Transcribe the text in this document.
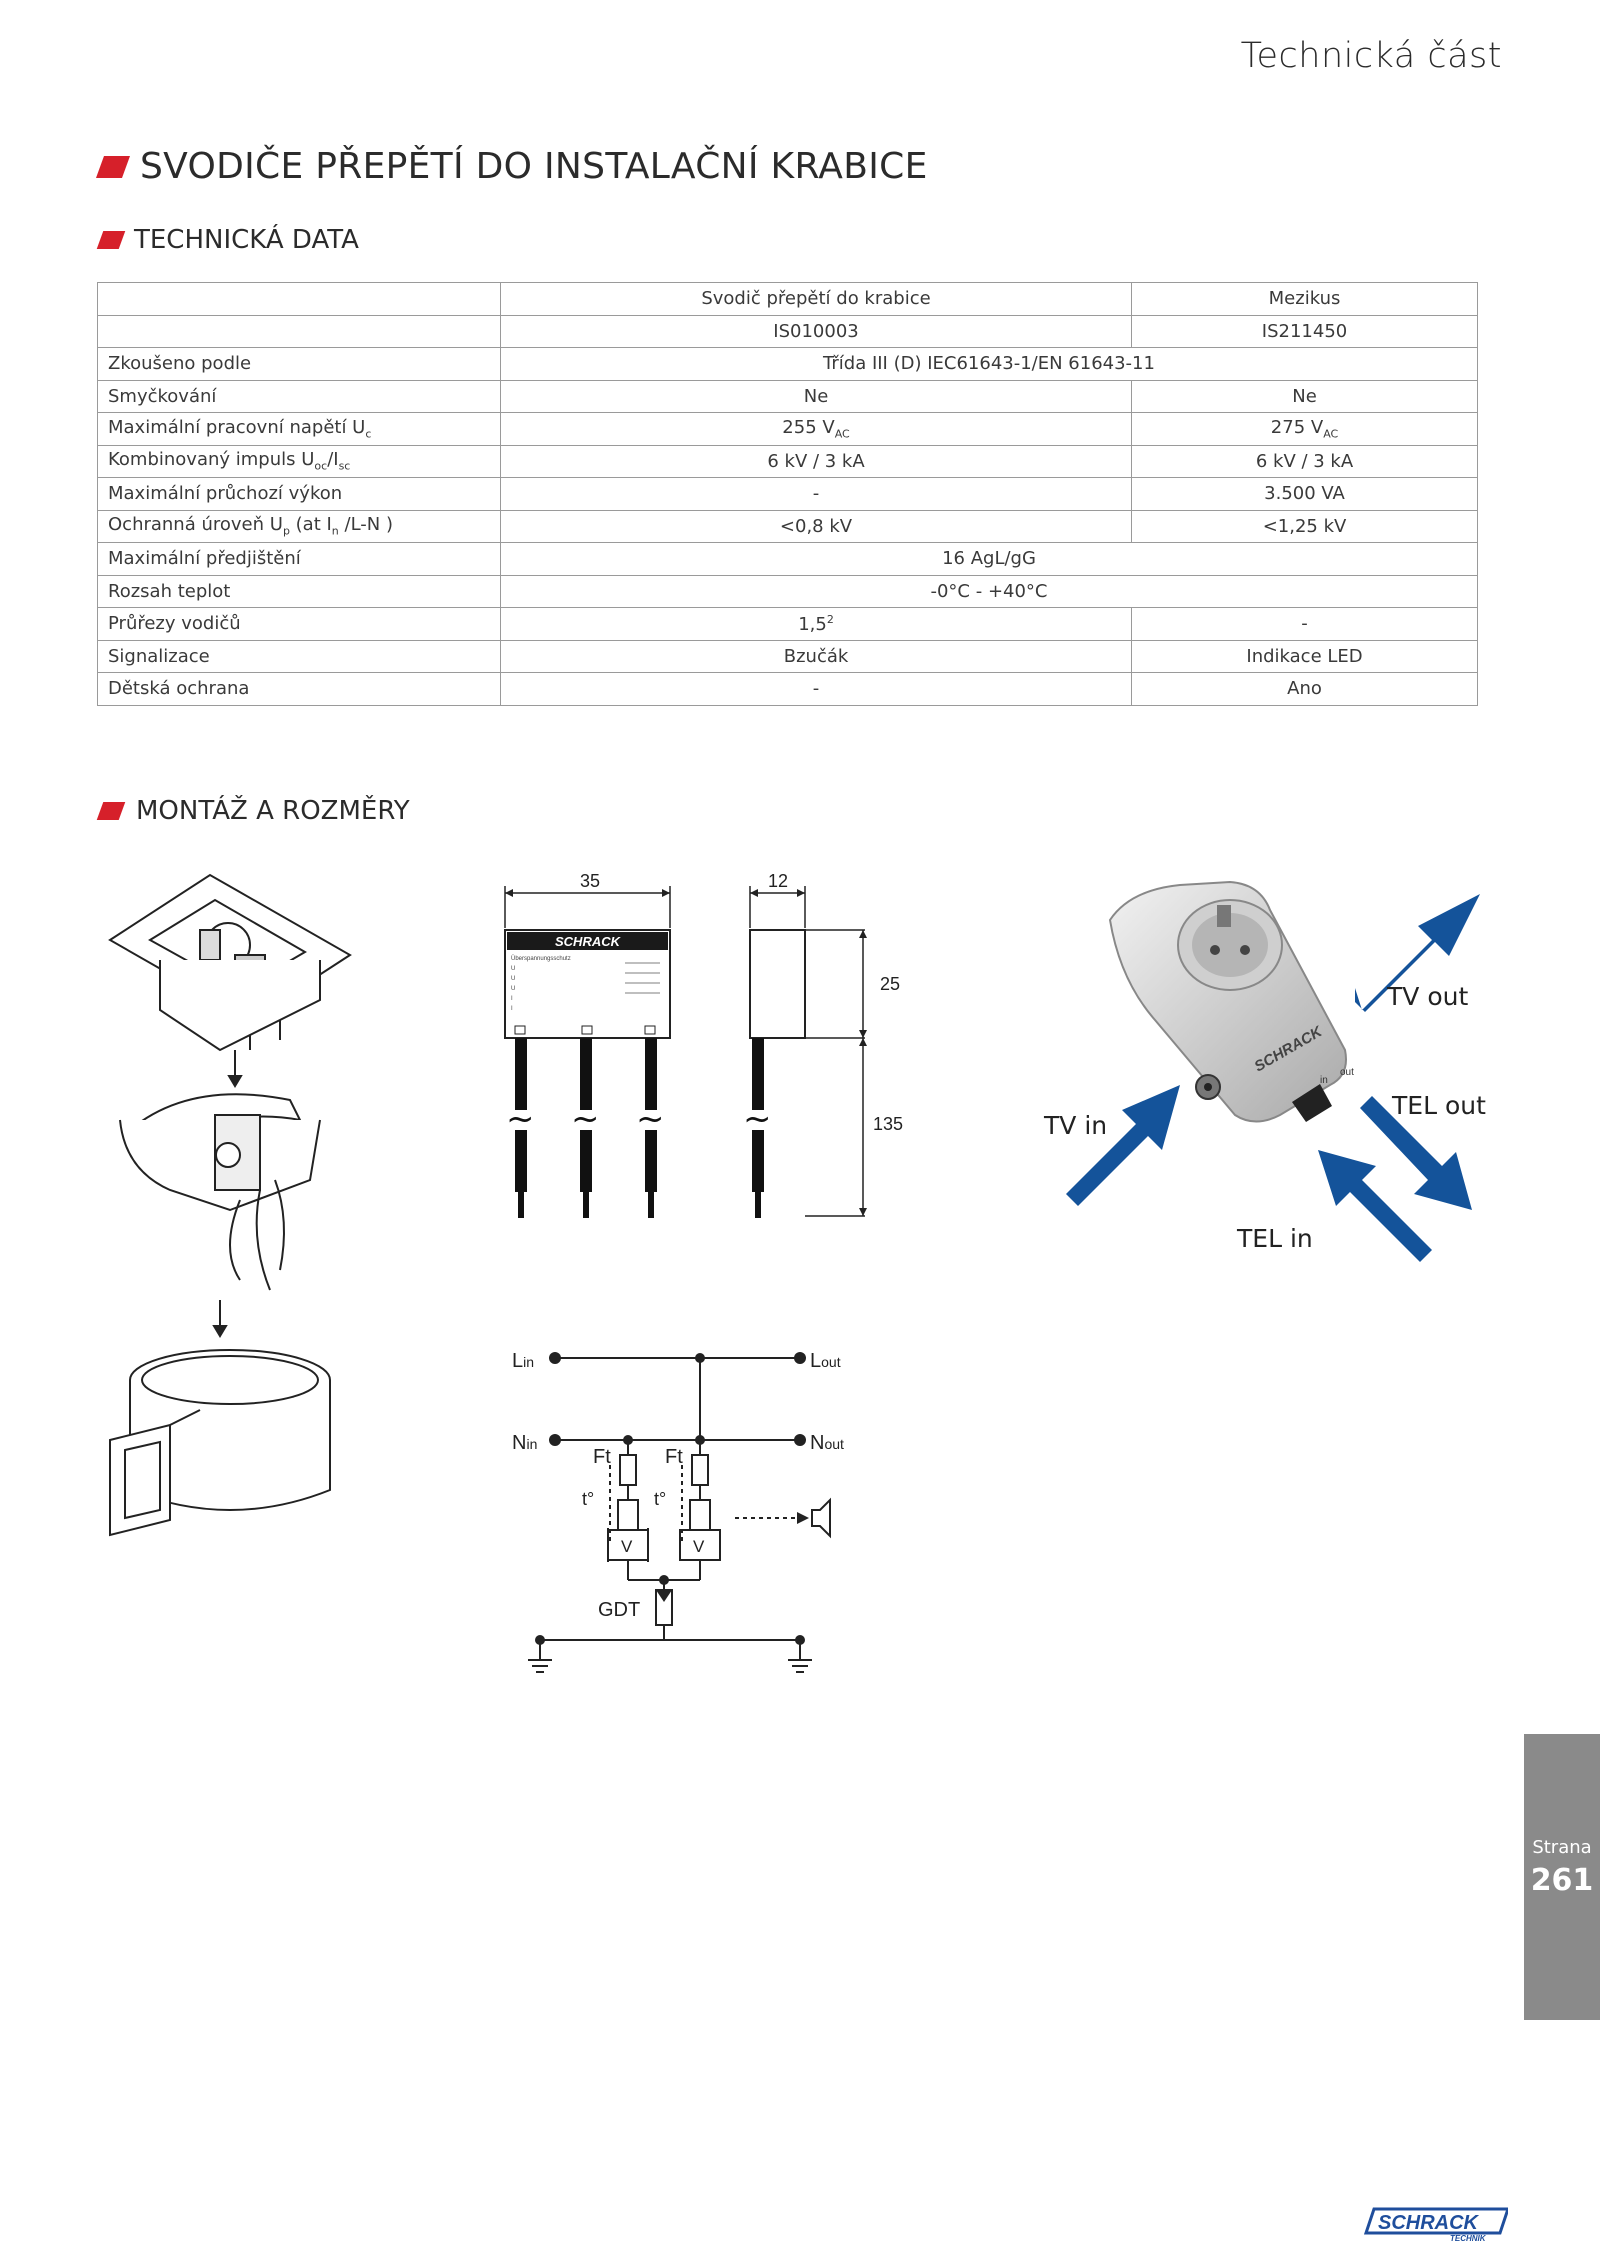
Technická část
SVODIČE PŘEPĚTÍ DO INSTALAČNÍ KRABICE
TECHNICKÁ DATA
	Svodič přepětí do krabice	Mezikus
	IS010003	IS211450
Zkoušeno podle	Třída III (D) IEC61643-1/EN 61643-11	
Smyčkování	Ne	Ne
Maximální pracovní napětí $U_c$	255 $V_{AC}$	275 $V_{AC}$
Kombinovaný impuls $U_{oc}/I_{sc}$	6 kV / 3 kA	6 kV / 3 kA
Maximální průchozí výkon	-	3.500 VA
Ochranná úroveň $U_p$ (at $I_n$ /L-N )	<0,8 kV	<1,25 kV
Maximální předjištění	16 AgL/gG	
Rozsah teplot	-0°C - +40°C	
Průřezy vodičů	$1,5^2$	-
Signalizace	Bzučák	Indikace LED
Dětská ochrana	-	Ano
MONTÁŽ A ROZMĚRY
35	12
25
135
SCHRACK
Überspannungsschutz
U
U
U
I
I
~ ~ ~ ~
Lin	Lout
Nin	Nout
Ft	Ft
t°	t°
V	V
GDT
SCHRACK
in
out
TV out
TV in
TEL out
TEL in
Strana
261
SCHRACK
TECHNIK
